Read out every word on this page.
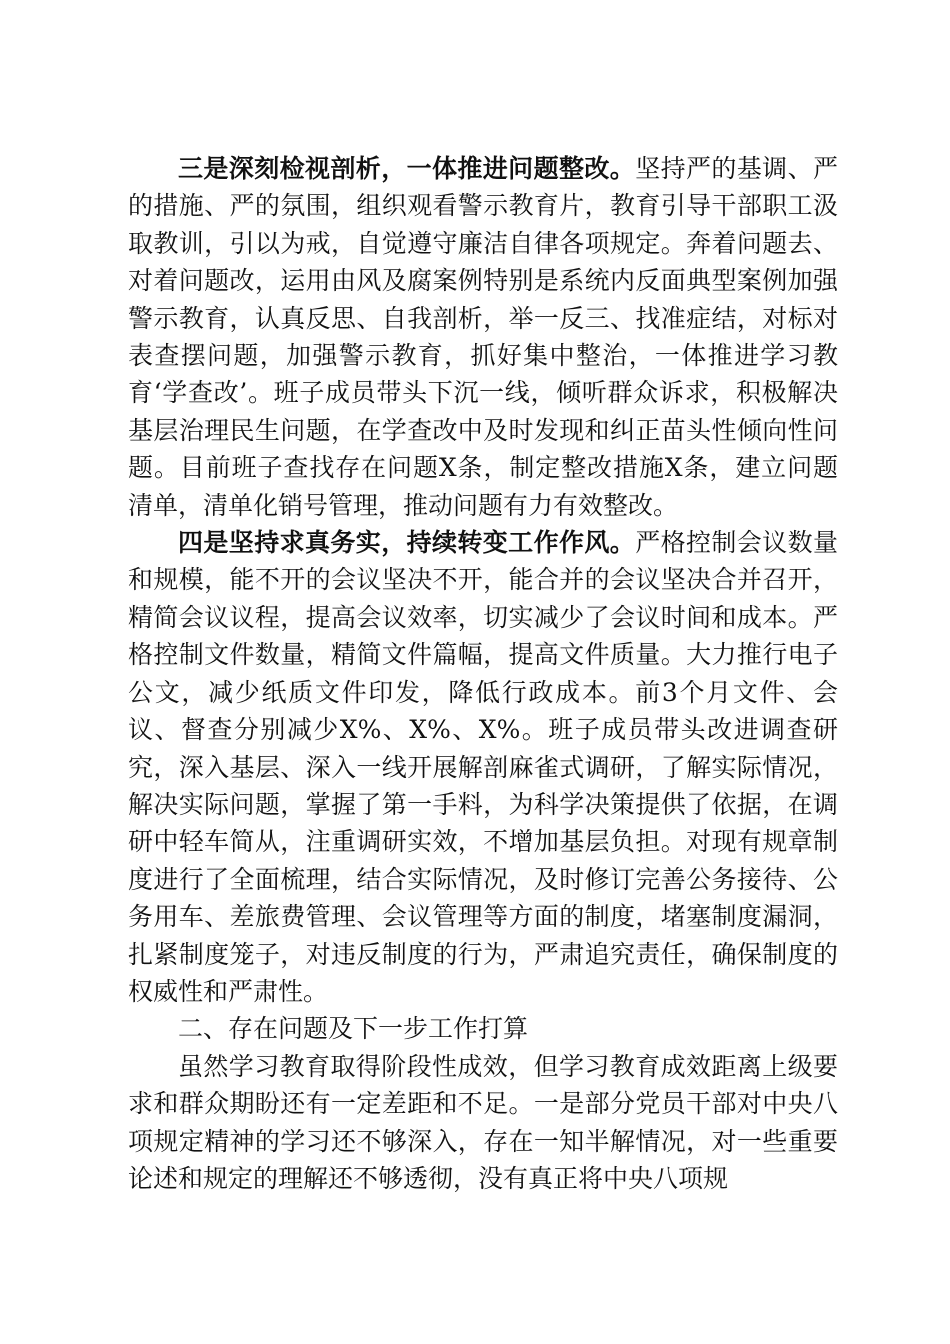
三是深刻检视剖析，一体推进问题整改。坚持严的基调、严的措施、严的氛围，组织观看警示教育片，教育引导干部职工汲取教训，引以为戒，自觉遵守廉洁自律各项规定。奔着问题去、对着问题改，运用由风及腐案例特别是系统内反面典型案例加强警示教育，认真反思、自我剖析，举一反三、找准症结，对标对表查摆问题，加强警示教育，抓好集中整治，一体推进学习教育‘学查改’。班子成员带头下沉一线，倾听群众诉求，积极解决基层治理民生问题，在学查改中及时发现和纠正苗头性倾向性问题。目前班子查找存在问题X条，制定整改措施X条，建立问题清单，清单化销号管理，推动问题有力有效整改。

四是坚持求真务实，持续转变工作作风。严格控制会议数量和规模，能不开的会议坚决不开，能合并的会议坚决合并召开，精简会议议程，提高会议效率，切实减少了会议时间和成本。严格控制文件数量，精简文件篇幅，提高文件质量。大力推行电子公文，减少纸质文件印发，降低行政成本。前3个月文件、会议、督查分别减少X%、X%、X%。班子成员带头改进调查研究，深入基层、深入一线开展解剖麻雀式调研，了解实际情况，解决实际问题，掌握了第一手料，为科学决策提供了依据，在调研中轻车简从，注重调研实效，不增加基层负担。对现有规章制度进行了全面梳理，结合实际情况，及时修订完善公务接待、公务用车、差旅费管理、会议管理等方面的制度，堵塞制度漏洞，扎紧制度笼子，对违反制度的行为，严肃追究责任，确保制度的权威性和严肃性。

二、存在问题及下一步工作打算

虽然学习教育取得阶段性成效，但学习教育成效距离上级要求和群众期盼还有一定差距和不足。一是部分党员干部对中央八项规定精神的学习还不够深入，存在一知半解情况，对一些重要论述和规定的理解还不够透彻，没有真正将中央八项规
